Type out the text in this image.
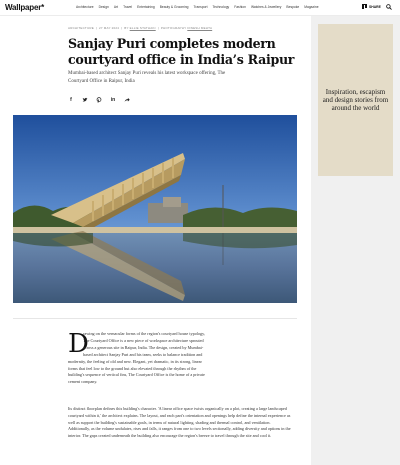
Wallpaper*	Architecture Design Art Travel Entertaining Beauty & Grooming Transport Technology Fashion Watches & Jewellery Bespoke Magazine	SHARE
Inspiration, escapism and design stories from around the world
ARCHITECTURE  |  27 MAY 2024  |  BY ELLIE STATHAKI  |  PHOTOGRAPHY DINESH MEHTA
Sanjay Puri completes modern courtyard office in India’s Raipur

Mumbai-based architect Sanjay Puri reveals his latest workspace offering, The Courtyard Office in Raipur, India

f	in
D
rawing on the vernacular forms of the region's courtyard house typology,
The Courtyard Office is a new piece of workspace architecture sprouted
across a generous site in Raipur, India. The design, created by Mumbai-
based architect Sanjay Puri and his team, seeks to balance tradition and
modernity, the feeling of old and new. Elegant, yet dramatic, in its strong, linear
forms that feel low to the ground but also elevated through the rhythm of the
building's sequence of vertical fins, The Courtyard Office is the home of a private
cement company.

Its distinct floorplan defines this building's character. 'A linear office space twists organically on a plot, creating a large landscaped courtyard within it,' the architect explains. The layout, and each part's orientation and openings help define the internal experience as well as support the building's sustainable goals, in terms of natural lighting, shading and thermal control, and ventilation. Additionally, as the volume undulates, rises and falls, it ranges from one to two levels sectionally, adding diversity and options in the interior. The gaps created underneath the building also encourage the region's breeze to travel through the site and cool it.
